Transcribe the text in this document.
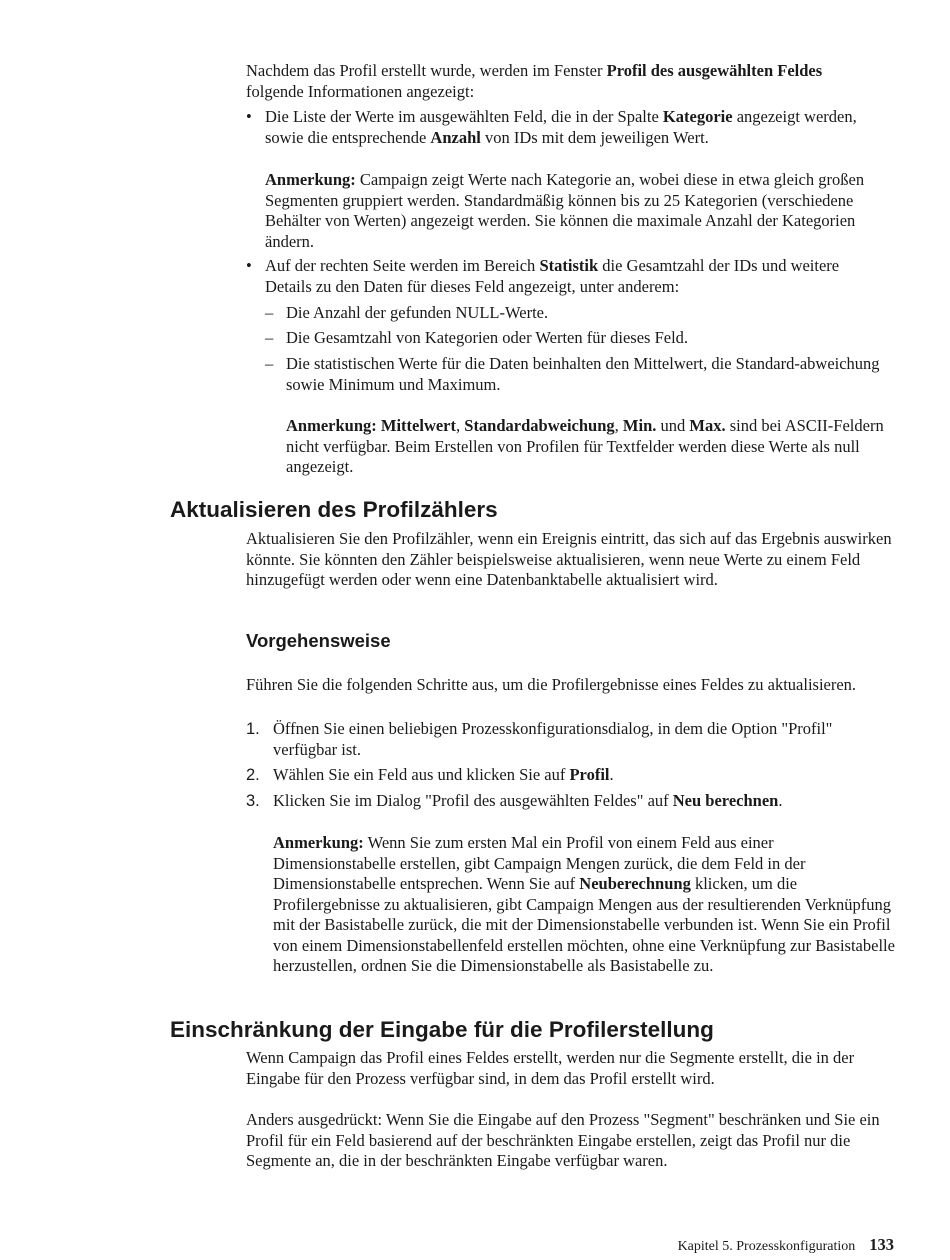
Nachdem das Profil erstellt wurde, werden im Fenster Profil des ausgewählten Feldes folgende Informationen angezeigt:

• Die Liste der Werte im ausgewählten Feld, die in der Spalte Kategorie angezeigt werden, sowie die entsprechende Anzahl von IDs mit dem jeweiligen Wert.

Anmerkung: Campaign zeigt Werte nach Kategorie an, wobei diese in etwa gleich großen Segmenten gruppiert werden. Standardmäßig können bis zu 25 Kategorien (verschiedene Behälter von Werten) angezeigt werden. Sie können die maximale Anzahl der Kategorien ändern.

• Auf der rechten Seite werden im Bereich Statistik die Gesamtzahl der IDs und weitere Details zu den Daten für dieses Feld angezeigt, unter anderem:

– Die Anzahl der gefunden NULL-Werte.

– Die Gesamtzahl von Kategorien oder Werten für dieses Feld.

– Die statistischen Werte für die Daten beinhalten den Mittelwert, die Standard-abweichung sowie Minimum und Maximum.

Anmerkung: Mittelwert, Standardabweichung, Min. und Max. sind bei ASCII-Feldern nicht verfügbar. Beim Erstellen von Profilen für Textfelder werden diese Werte als null angezeigt.

Aktualisieren des Profilzählers

Aktualisieren Sie den Profilzähler, wenn ein Ereignis eintritt, das sich auf das Ergebnis auswirken könnte. Sie könnten den Zähler beispielsweise aktualisieren, wenn neue Werte zu einem Feld hinzugefügt werden oder wenn eine Datenbanktabelle aktualisiert wird.

Vorgehensweise

Führen Sie die folgenden Schritte aus, um die Profilergebnisse eines Feldes zu aktualisieren.

1. Öffnen Sie einen beliebigen Prozesskonfigurationsdialog, in dem die Option "Profil" verfügbar ist.

2. Wählen Sie ein Feld aus und klicken Sie auf Profil.

3. Klicken Sie im Dialog "Profil des ausgewählten Feldes" auf Neu berechnen.

Anmerkung: Wenn Sie zum ersten Mal ein Profil von einem Feld aus einer Dimensionstabelle erstellen, gibt Campaign Mengen zurück, die dem Feld in der Dimensionstabelle entsprechen. Wenn Sie auf Neuberechnung klicken, um die Profilergebnisse zu aktualisieren, gibt Campaign Mengen aus der resultierenden Verknüpfung mit der Basistabelle zurück, die mit der Dimensionstabelle verbunden ist. Wenn Sie ein Profil von einem Dimensionstabellenfeld erstellen möchten, ohne eine Verknüpfung zur Basistabelle herzustellen, ordnen Sie die Dimensionstabelle als Basistabelle zu.

Einschränkung der Eingabe für die Profilerstellung

Wenn Campaign das Profil eines Feldes erstellt, werden nur die Segmente erstellt, die in der Eingabe für den Prozess verfügbar sind, in dem das Profil erstellt wird.

Anders ausgedrückt: Wenn Sie die Eingabe auf den Prozess "Segment" beschränken und Sie ein Profil für ein Feld basierend auf der beschränkten Eingabe erstellen, zeigt das Profil nur die Segmente an, die in der beschränkten Eingabe verfügbar waren.

Kapitel 5. Prozesskonfiguration 133
